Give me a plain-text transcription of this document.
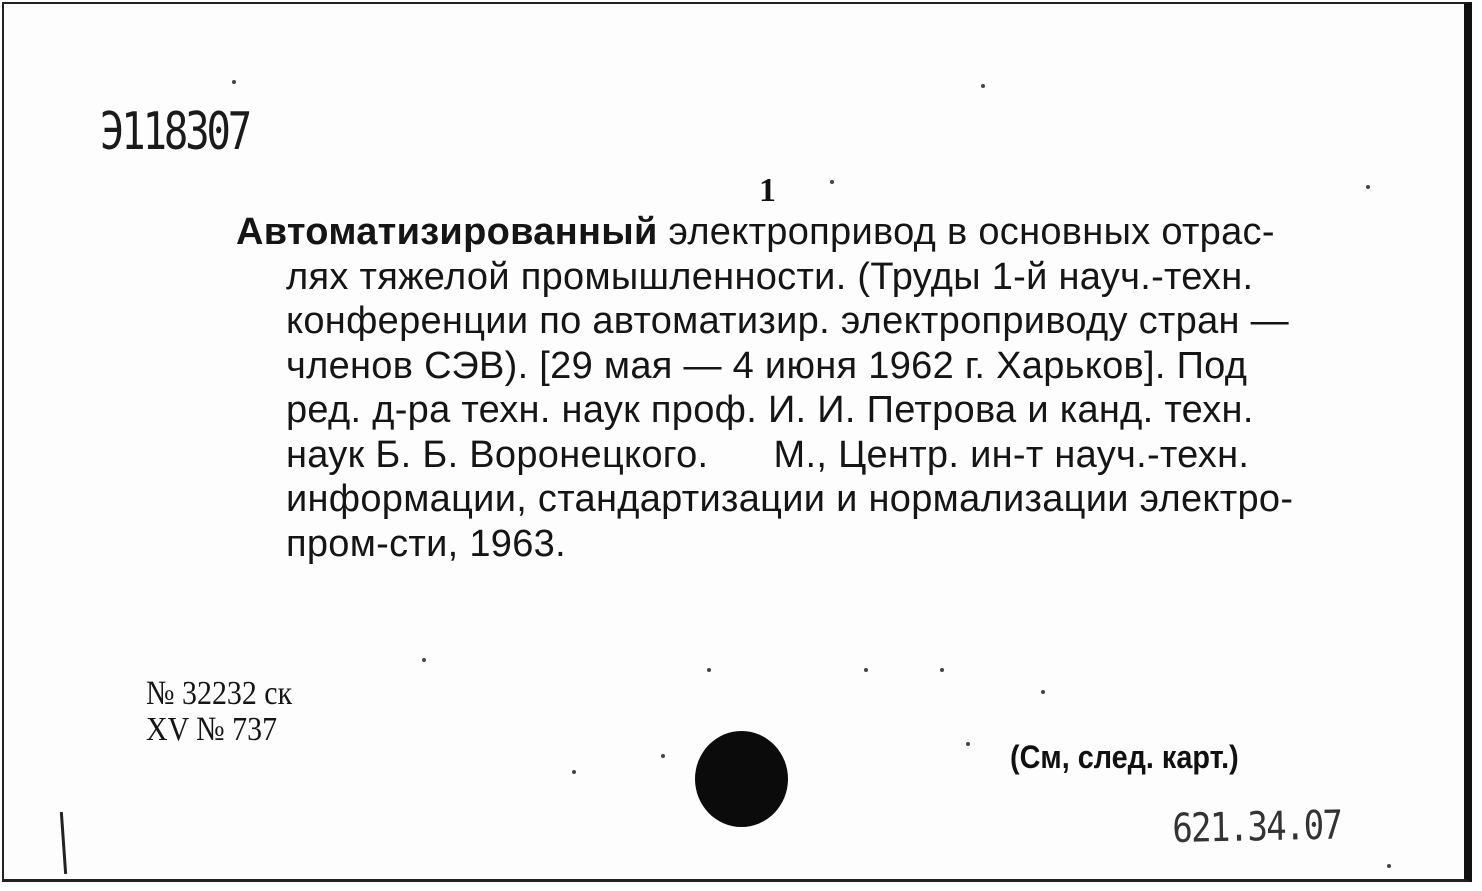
Э118307
1
Автоматизированный электропривод в основных отрас-
лях тяжелой промышленности. (Труды 1-й науч.-техн.
конференции по автоматизир. электроприводу стран —
членов СЭВ). [29 мая — 4 июня 1962 г. Харьков]. Под
ред. д-ра техн. наук проф. И. И. Петрова и канд. техн.
наук Б. Б. Воронецкого.      М., Центр. ин-т науч.-техн.
информации, стандартизации и нормализации электро-
пром-сти, 1963.
№ 32232 ск
XV № 737
(См, след. карт.)
621.34.07
